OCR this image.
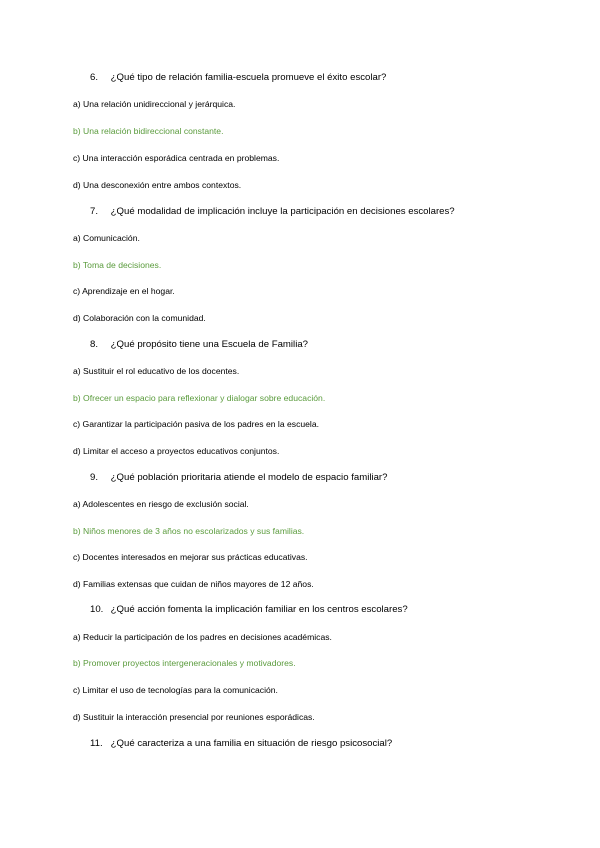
6. ¿Qué tipo de relación familia-escuela promueve el éxito escolar?
a) Una relación unidireccional y jerárquica.
b) Una relación bidireccional constante.
c) Una interacción esporádica centrada en problemas.
d) Una desconexión entre ambos contextos.
7. ¿Qué modalidad de implicación incluye la participación en decisiones escolares?
a) Comunicación.
b) Toma de decisiones.
c) Aprendizaje en el hogar.
d) Colaboración con la comunidad.
8. ¿Qué propósito tiene una Escuela de Familia?
a) Sustituir el rol educativo de los docentes.
b) Ofrecer un espacio para reflexionar y dialogar sobre educación.
c) Garantizar la participación pasiva de los padres en la escuela.
d) Limitar el acceso a proyectos educativos conjuntos.
9. ¿Qué población prioritaria atiende el modelo de espacio familiar?
a) Adolescentes en riesgo de exclusión social.
b) Niños menores de 3 años no escolarizados y sus familias.
c) Docentes interesados en mejorar sus prácticas educativas.
d) Familias extensas que cuidan de niños mayores de 12 años.
10. ¿Qué acción fomenta la implicación familiar en los centros escolares?
a) Reducir la participación de los padres en decisiones académicas.
b) Promover proyectos intergeneracionales y motivadores.
c) Limitar el uso de tecnologías para la comunicación.
d) Sustituir la interacción presencial por reuniones esporádicas.
11. ¿Qué caracteriza a una familia en situación de riesgo psicosocial?
